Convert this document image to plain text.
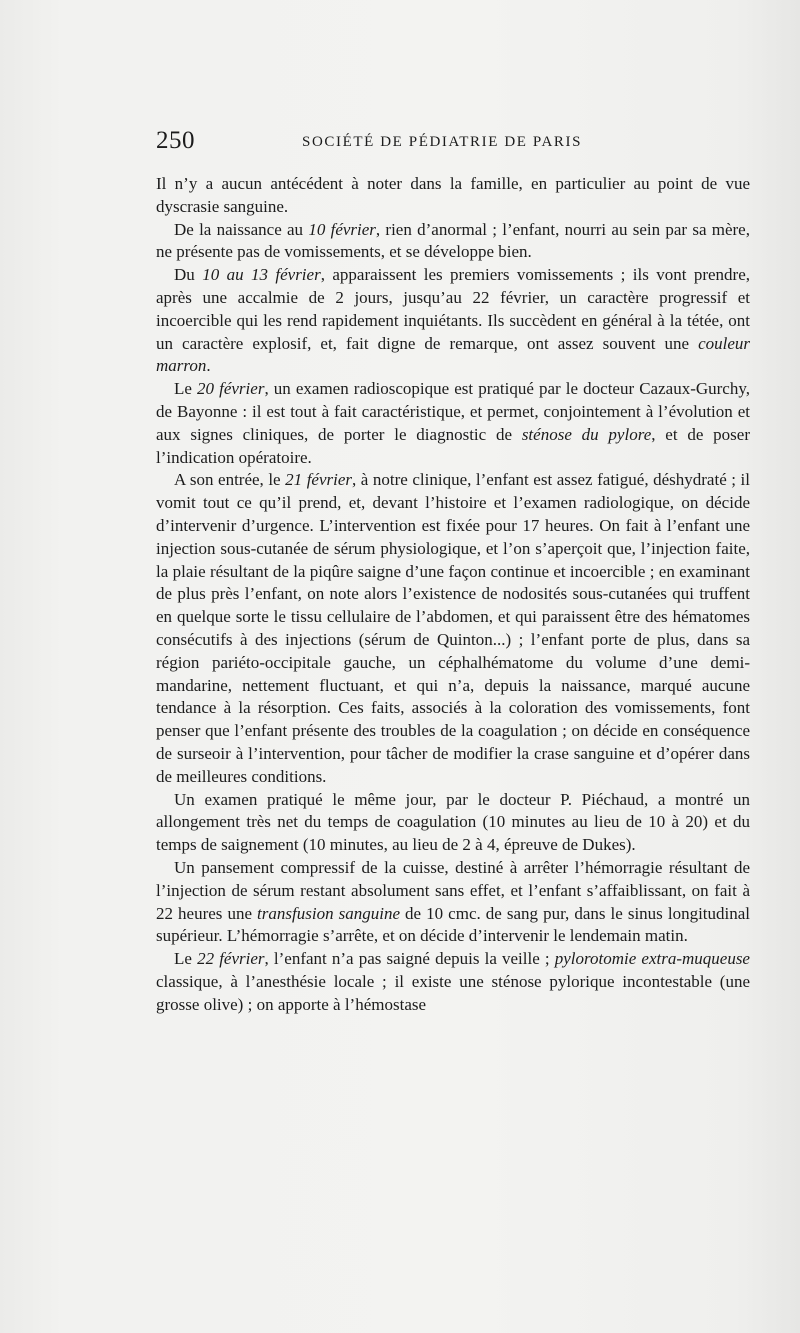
250	SOCIÉTÉ DE PÉDIATRIE DE PARIS

Il n’y a aucun antécédent à noter dans la famille, en particulier au point de vue dyscrasie sanguine.

De la naissance au 10 février, rien d’anormal ; l’enfant, nourri au sein par sa mère, ne présente pas de vomissements, et se développe bien.

Du 10 au 13 février, apparaissent les premiers vomissements ; ils vont prendre, après une accalmie de 2 jours, jusqu’au 22 février, un caractère progressif et incoercible qui les rend rapidement inquiétants. Ils succèdent en général à la tétée, ont un caractère explosif, et, fait digne de remarque, ont assez souvent une couleur marron.

Le 20 février, un examen radioscopique est pratiqué par le docteur Cazaux-Gurchy, de Bayonne : il est tout à fait caractéristique, et permet, conjointement à l’évolution et aux signes cliniques, de porter le diagnostic de sténose du pylore, et de poser l’indication opératoire.

A son entrée, le 21 février, à notre clinique, l’enfant est assez fatigué, déshydraté ; il vomit tout ce qu’il prend, et, devant l’histoire et l’examen radiologique, on décide d’intervenir d’urgence. L’intervention est fixée pour 17 heures. On fait à l’enfant une injection sous-cutanée de sérum physiologique, et l’on s’aperçoit que, l’injection faite, la plaie résultant de la piqûre saigne d’une façon continue et incoercible ; en examinant de plus près l’enfant, on note alors l’existence de nodosités sous-cutanées qui truffent en quelque sorte le tissu cellulaire de l’abdomen, et qui paraissent être des hématomes consécutifs à des injections (sérum de Quinton...) ; l’enfant porte de plus, dans sa région pariéto-occipitale gauche, un céphalhématome du volume d’une demi-mandarine, nettement fluctuant, et qui n’a, depuis la naissance, marqué aucune tendance à la résorption. Ces faits, associés à la coloration des vomissements, font penser que l’enfant présente des troubles de la coagulation ; on décide en conséquence de surseoir à l’intervention, pour tâcher de modifier la crase sanguine et d’opérer dans de meilleures conditions.

Un examen pratiqué le même jour, par le docteur P. Piéchaud, a montré un allongement très net du temps de coagulation (10 minutes au lieu de 10 à 20) et du temps de saignement (10 minutes, au lieu de 2 à 4, épreuve de Dukes).

Un pansement compressif de la cuisse, destiné à arrêter l’hémorragie résultant de l’injection de sérum restant absolument sans effet, et l’enfant s’affaiblissant, on fait à 22 heures une transfusion sanguine de 10 cmc. de sang pur, dans le sinus longitudinal supérieur. L’hémorragie s’arrête, et on décide d’intervenir le lendemain matin.

Le 22 février, l’enfant n’a pas saigné depuis la veille ; pylorotomie extra-muqueuse classique, à l’anesthésie locale ; il existe une sténose pylorique incontestable (une grosse olive) ; on apporte à l’hémostase
